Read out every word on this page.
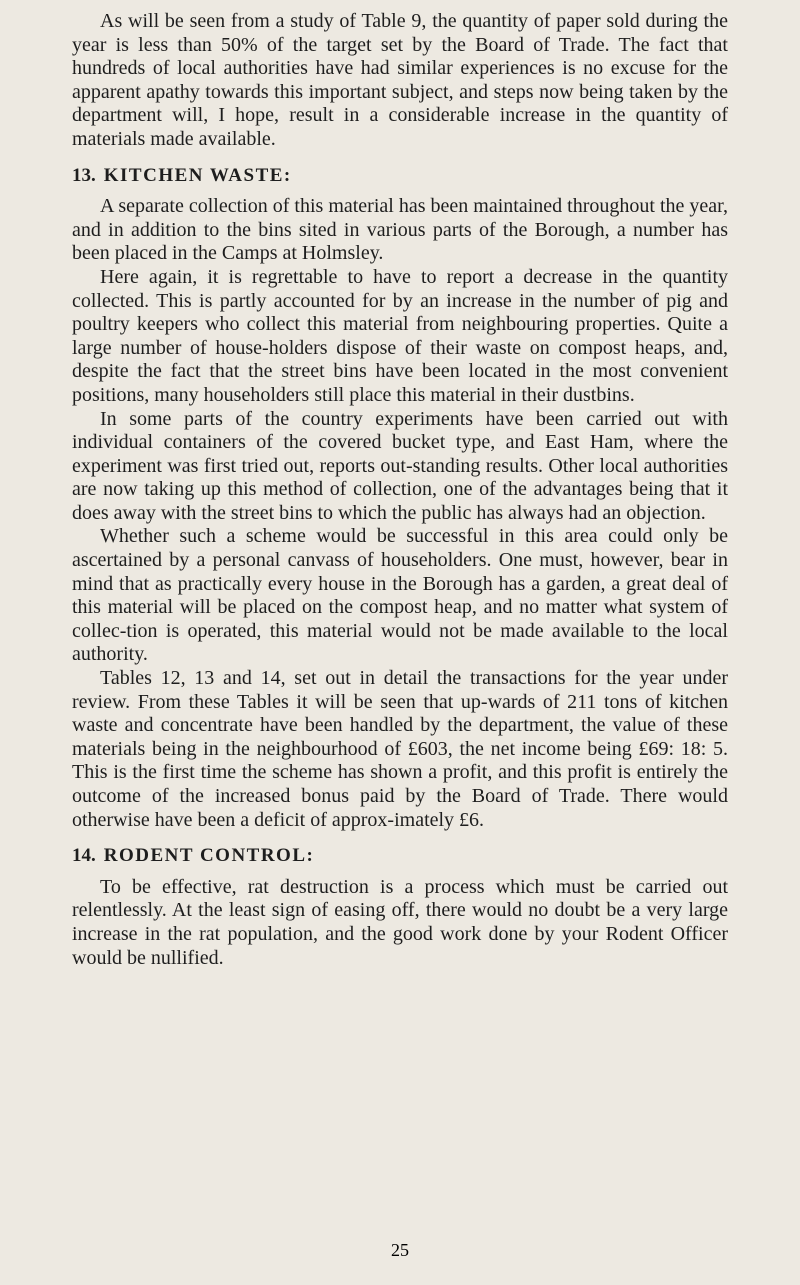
As will be seen from a study of Table 9, the quantity of paper sold during the year is less than 50% of the target set by the Board of Trade. The fact that hundreds of local authorities have had similar experiences is no excuse for the apparent apathy towards this important subject, and steps now being taken by the department will, I hope, result in a considerable increase in the quantity of materials made available.

13. KITCHEN WASTE:

A separate collection of this material has been maintained throughout the year, and in addition to the bins sited in various parts of the Borough, a number has been placed in the Camps at Holmsley.

Here again, it is regrettable to have to report a decrease in the quantity collected. This is partly accounted for by an increase in the number of pig and poultry keepers who collect this material from neighbouring properties. Quite a large number of house-holders dispose of their waste on compost heaps, and, despite the fact that the street bins have been located in the most convenient positions, many householders still place this material in their dustbins.

In some parts of the country experiments have been carried out with individual containers of the covered bucket type, and East Ham, where the experiment was first tried out, reports out-standing results. Other local authorities are now taking up this method of collection, one of the advantages being that it does away with the street bins to which the public has always had an objection.

Whether such a scheme would be successful in this area could only be ascertained by a personal canvass of householders. One must, however, bear in mind that as practically every house in the Borough has a garden, a great deal of this material will be placed on the compost heap, and no matter what system of collec-tion is operated, this material would not be made available to the local authority.

Tables 12, 13 and 14, set out in detail the transactions for the year under review. From these Tables it will be seen that up-wards of 211 tons of kitchen waste and concentrate have been handled by the department, the value of these materials being in the neighbourhood of £603, the net income being £69: 18: 5. This is the first time the scheme has shown a profit, and this profit is entirely the outcome of the increased bonus paid by the Board of Trade. There would otherwise have been a deficit of approx-imately £6.

14. RODENT CONTROL:

To be effective, rat destruction is a process which must be carried out relentlessly. At the least sign of easing off, there would no doubt be a very large increase in the rat population, and the good work done by your Rodent Officer would be nullified.

25
